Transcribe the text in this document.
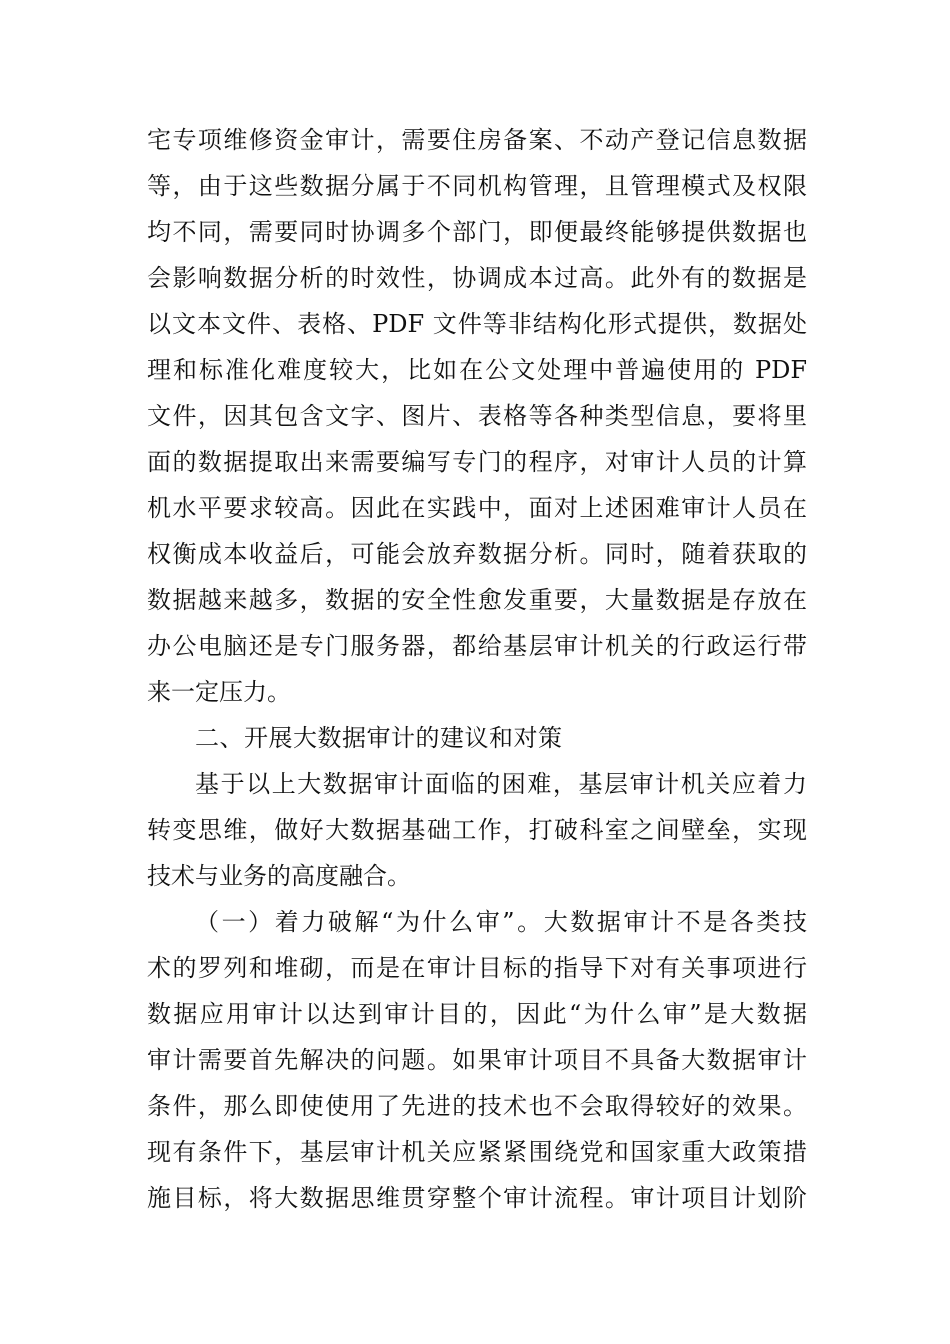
宅专项维修资金审计，需要住房备案、不动产登记信息数据
等，由于这些数据分属于不同机构管理，且管理模式及权限
均不同，需要同时协调多个部门，即便最终能够提供数据也
会影响数据分析的时效性，协调成本过高。此外有的数据是
以文本文件、表格、PDF 文件等非结构化形式提供，数据处
理和标准化难度较大，比如在公文处理中普遍使用的 PDF
文件，因其包含文字、图片、表格等各种类型信息，要将里
面的数据提取出来需要编写专门的程序，对审计人员的计算
机水平要求较高。因此在实践中，面对上述困难审计人员在
权衡成本收益后，可能会放弃数据分析。同时，随着获取的
数据越来越多，数据的安全性愈发重要，大量数据是存放在
办公电脑还是专门服务器，都给基层审计机关的行政运行带
来一定压力。
二、开展大数据审计的建议和对策
基于以上大数据审计面临的困难，基层审计机关应着力
转变思维，做好大数据基础工作，打破科室之间壁垒，实现
技术与业务的高度融合。
（一）着力破解“为什么审”。大数据审计不是各类技
术的罗列和堆砌，而是在审计目标的指导下对有关事项进行
数据应用审计以达到审计目的，因此“为什么审”是大数据
审计需要首先解决的问题。如果审计项目不具备大数据审计
条件，那么即使使用了先进的技术也不会取得较好的效果。
现有条件下，基层审计机关应紧紧围绕党和国家重大政策措
施目标，将大数据思维贯穿整个审计流程。审计项目计划阶
